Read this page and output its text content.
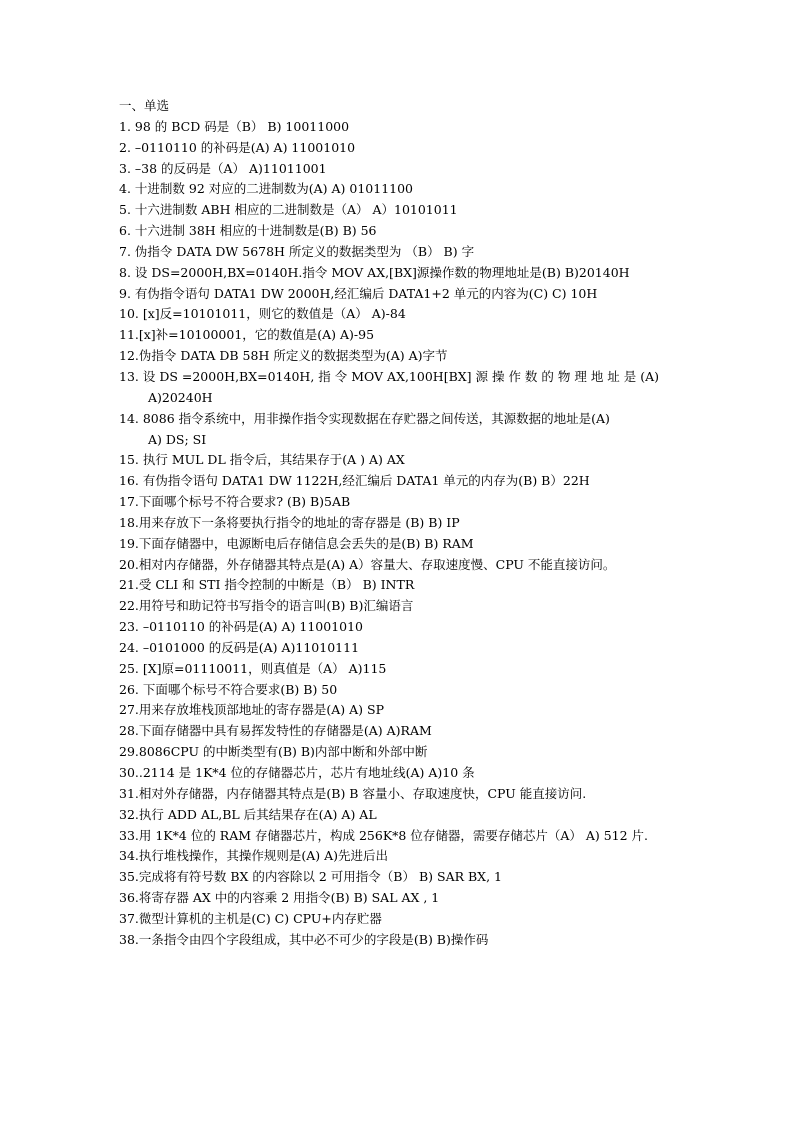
一、单选
1. 98 的 BCD 码是（B） B) 10011000
2. –0110110 的补码是(A) A) 11001010
3. –38 的反码是（A） A)11011001
4. 十进制数 92 对应的二进制数为(A) A) 01011100
5. 十六进制数 ABH 相应的二进制数是（A） A）10101011
6. 十六进制 38H 相应的十进制数是(B) B) 56
7. 伪指令 DATA DW 5678H 所定义的数据类型为 （B） B) 字
8. 设 DS=2000H,BX=0140H.指令 MOV AX,[BX]源操作数的物理地址是(B) B)20140H
9. 有伪指令语句 DATA1 DW 2000H,经汇编后 DATA1+2 单元的内容为(C) C) 10H
10. [x]反=10101011，则它的数值是（A） A)-84
11.[x]补=10100001，它的数值是(A) A)-95
12.伪指令 DATA DB 58H 所定义的数据类型为(A) A)字节
13. 设 DS =2000H,BX=0140H, 指 令 MOV AX,100H[BX] 源 操 作 数 的 物 理 地 址 是 (A)
A)20240H
14. 8086 指令系统中，用非操作指令实现数据在存贮器之间传送，其源数据的地址是(A)
A) DS; SI
15. 执行 MUL DL 指令后，其结果存于(A ) A) AX
16. 有伪指令语句 DATA1 DW 1122H,经汇编后 DATA1 单元的内存为(B) B）22H
17.下面哪个标号不符合要求? (B) B)5AB
18.用来存放下一条将要执行指令的地址的寄存器是 (B) B) IP
19.下面存储器中，电源断电后存储信息会丢失的是(B) B) RAM
20.相对内存储器，外存储器其特点是(A) A）容量大、存取速度慢、CPU 不能直接访问。
21.受 CLI 和 STI 指令控制的中断是（B） B) INTR
22.用符号和助记符书写指令的语言叫(B) B)汇编语言
23. –0110110 的补码是(A) A) 11001010
24. –0101000 的反码是(A) A)11010111
25. [X]原=01110011，则真值是（A） A)115
26. 下面哪个标号不符合要求(B) B) 50
27.用来存放堆栈顶部地址的寄存器是(A) A) SP
28.下面存储器中具有易挥发特性的存储器是(A) A)RAM
29.8086CPU 的中断类型有(B) B)内部中断和外部中断
30..2114 是 1K*4 位的存储器芯片，芯片有地址线(A) A)10 条
31.相对外存储器，内存储器其特点是(B) B 容量小、存取速度快，CPU 能直接访问.
32.执行 ADD AL,BL 后其结果存在(A) A) AL
33.用 1K*4 位的 RAM 存储器芯片，构成 256K*8 位存储器，需要存储芯片（A） A) 512 片.
34.执行堆栈操作，其操作规则是(A) A)先进后出
35.完成将有符号数 BX 的内容除以 2 可用指令（B） B) SAR BX, 1
36.将寄存器 AX 中的内容乘 2 用指令(B) B) SAL AX , 1
37.微型计算机的主机是(C) C) CPU+内存贮器
38.一条指令由四个字段组成，其中必不可少的字段是(B) B)操作码
